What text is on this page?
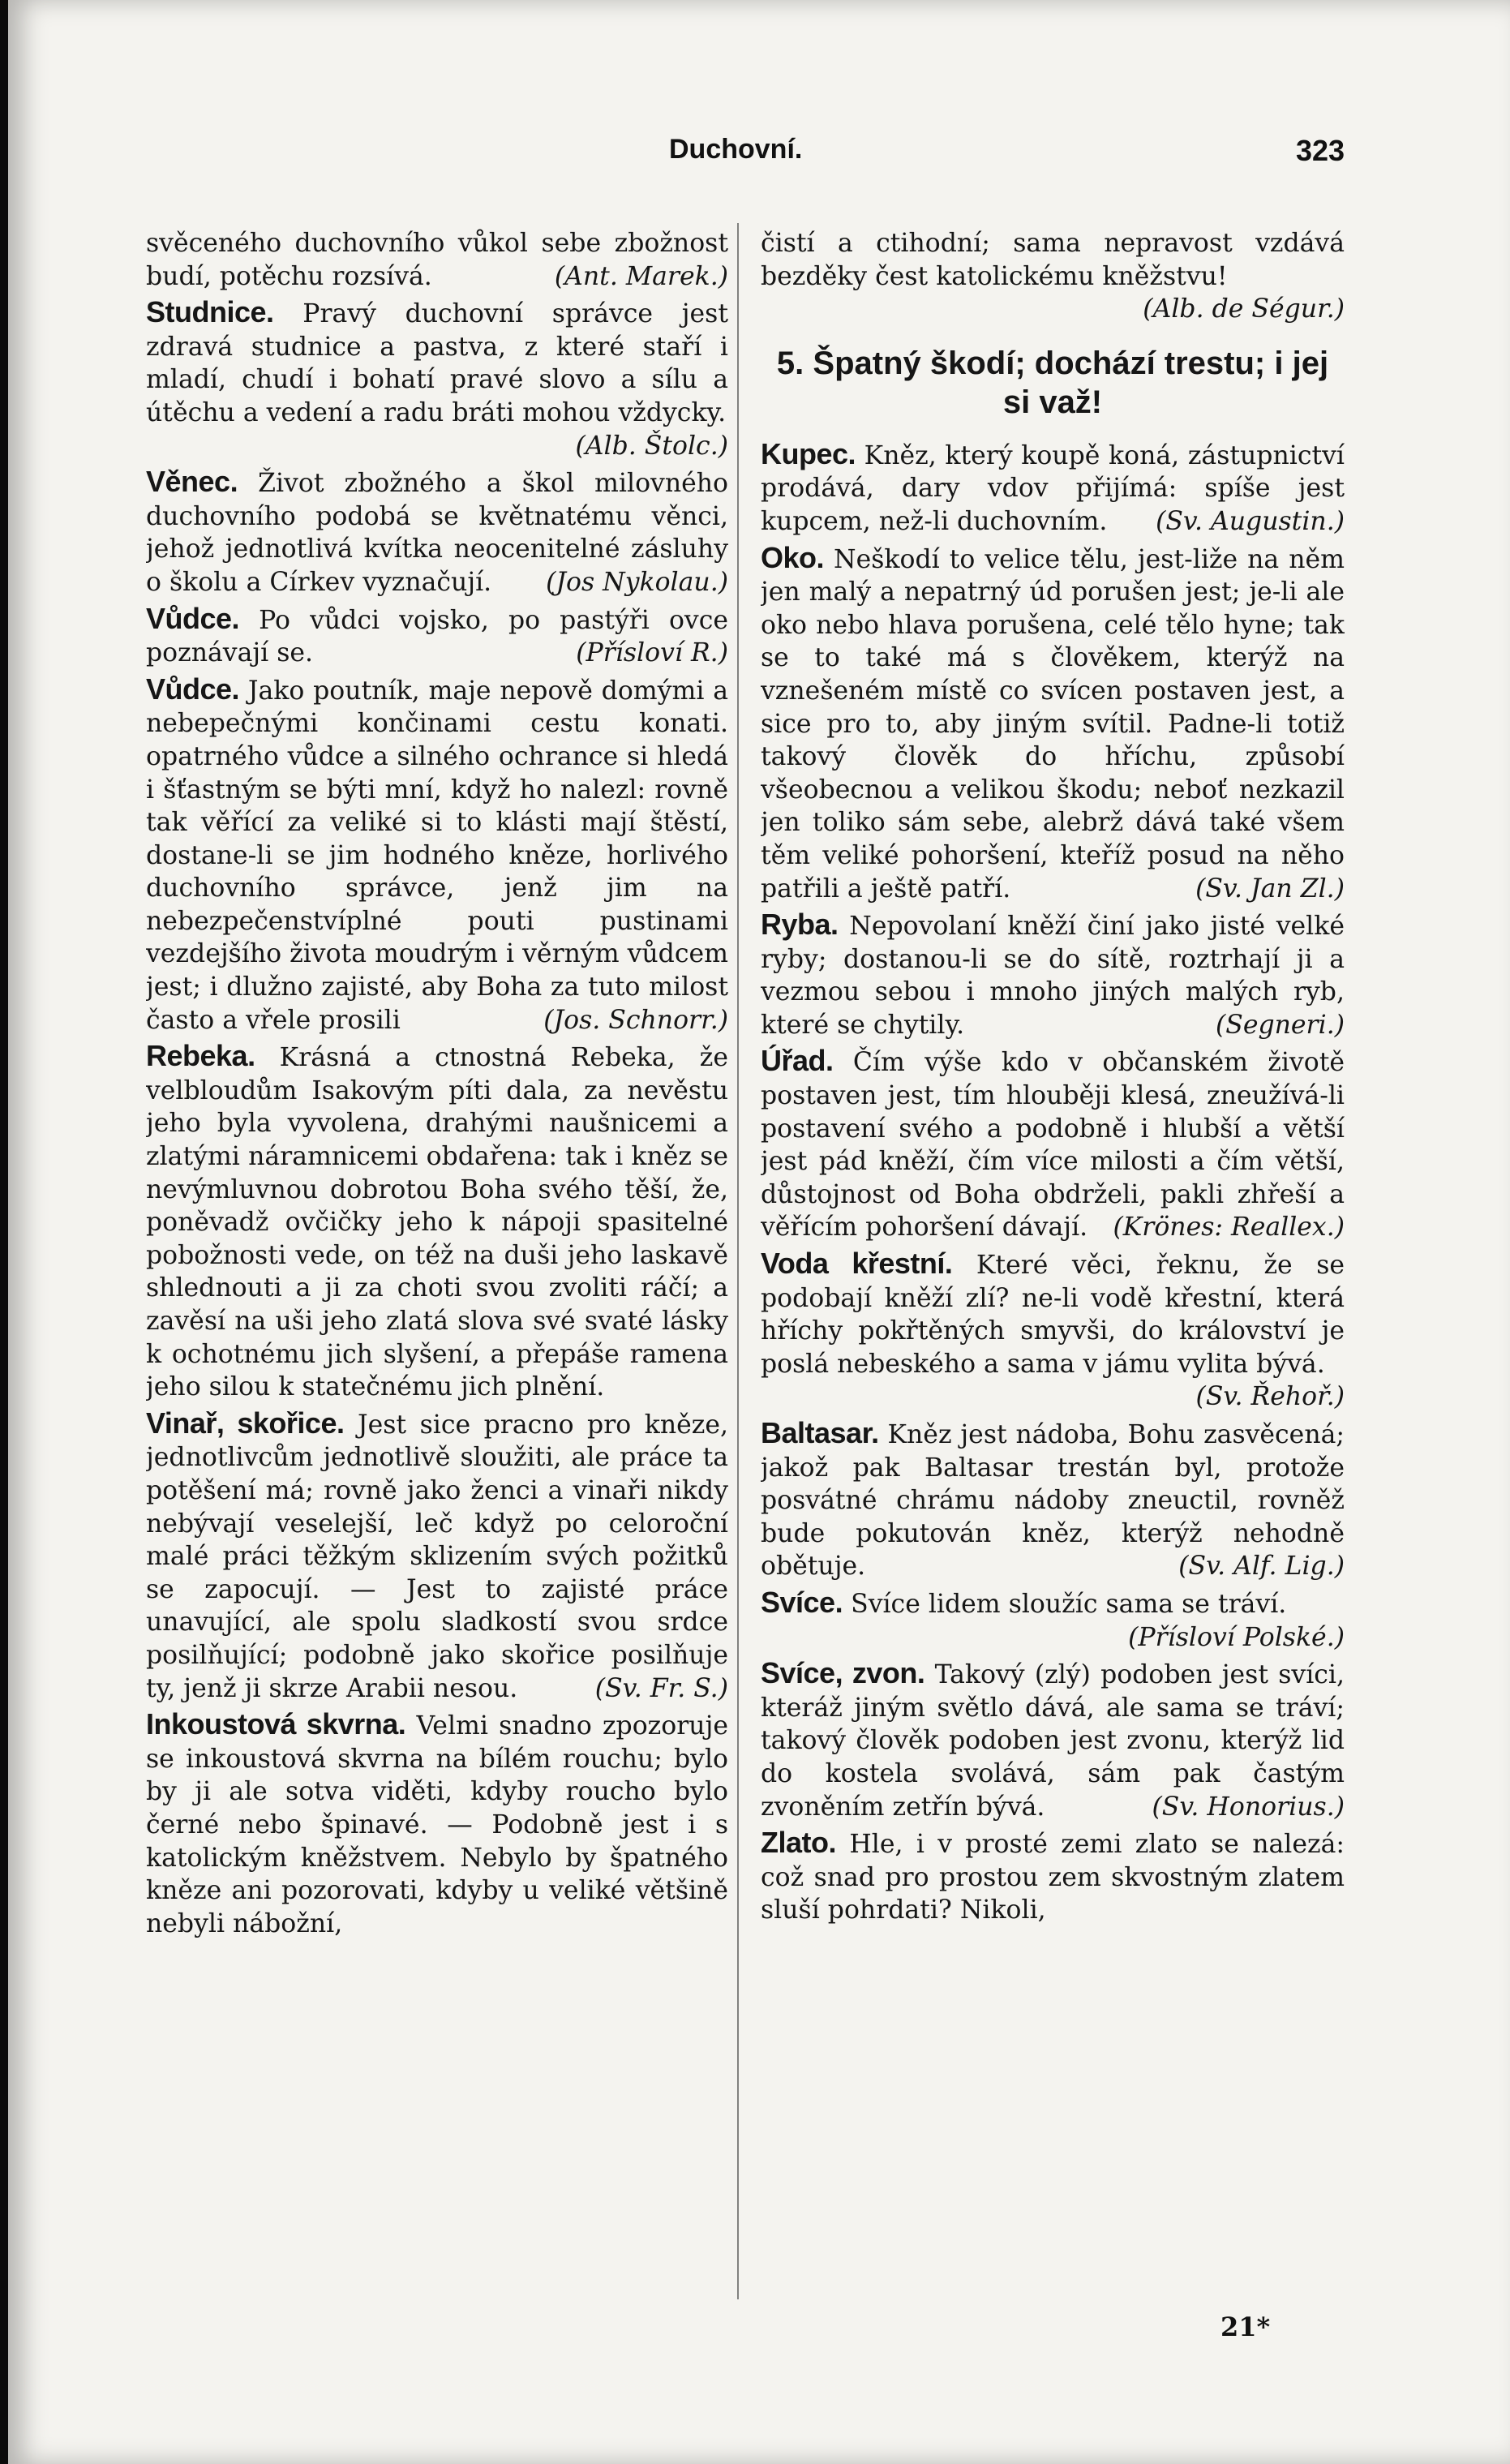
Duchovní.	323
svěceného duchovního vůkol sebe zbožnost budí, potěchu rozsívá.	(Ant. Marek.)
Studnice. Pravý duchovní správce jest zdravá studnice a pastva, z které staří i mladí, chudí i bohatí pravé slovo a sílu a útěchu a vedení a radu bráti mohou vždycky.
(Alb. Štolc.)
Věnec. Život zbožného a škol milovného duchovního podobá se květnatému věnci, jehož jednotlivá kvítka neocenitelné zásluhy o školu a Církev vyznačují.	(Jos Nykolau.)
Vůdce. Po vůdci vojsko, po pastýři ovce poznávají se.	(Přísloví R.)
Vůdce. Jako poutník, maje nepově domými a nebepečnými končinami cestu konati. opatrného vůdce a silného ochrance si hledá i šťastným se býti mní, když ho nalezl: rovně tak věřící za veliké si to klásti mají štěstí, dostane-li se jim hodného kněze, horlivého duchovního správce, jenž jim na nebezpečenstvíplné pouti pustinami vezdejšího života moudrým i věrným vůdcem jest; i dlužno zajisté, aby Boha za tuto milost často a vřele prosili	(Jos. Schnorr.)
Rebeka. Krásná a ctnostná Rebeka, že velbloudům Isakovým píti dala, za nevěstu jeho byla vyvolena, drahými naušnicemi a zlatými náramnicemi obdařena: tak i kněz se nevýmluvnou dobrotou Boha svého těší, že, poněvadž ovčičky jeho k nápoji spasitelné pobožnosti vede, on též na duši jeho laskavě shlednouti a ji za choti svou zvoliti ráčí; a zavěsí na uši jeho zlatá slova své svaté lásky k ochotnému jich slyšení, a přepáše ramena jeho silou k statečnému jich plnění.
Vinař, skořice. Jest sice pracno pro kněze, jednotlivcům jednotlivě sloužiti, ale práce ta potěšení má; rovně jako ženci a vinaři nikdy nebývají veselejší, leč když po celoroční malé práci těžkým sklizením svých požitků se zapocují. — Jest to zajisté práce unavující, ale spolu sladkostí svou srdce posilňující; podobně jako skořice posilňuje ty, jenž ji skrze Arabii nesou.	(Sv. Fr. S.)
Inkoustová skvrna. Velmi snadno zpozoruje se inkoustová skvrna na bílém rouchu; bylo by ji ale sotva viděti, kdyby roucho bylo černé nebo špinavé. — Podobně jest i s katolickým kněžstvem. Nebylo by špatného kněze ani pozorovati, kdyby u veliké většině nebyli nábožní,
čistí a ctihodní; sama nepravost vzdává bezděky čest katolickému kněžstvu!
(Alb. de Ségur.)
5. Špatný škodí; dochází trestu; i jej si važ!
Kupec. Kněz, který koupě koná, zástupnictví prodává, dary vdov přijímá: spíše jest kupcem, než-li duchovním.	(Sv. Augustin.)
Oko. Neškodí to velice tělu, jest-liže na něm jen malý a nepatrný úd porušen jest; je-li ale oko nebo hlava porušena, celé tělo hyne; tak se to také má s člověkem, kterýž na vznešeném místě co svícen postaven jest, a sice pro to, aby jiným svítil. Padne-li totiž takový člověk do hříchu, způsobí všeobecnou a velikou škodu; neboť nezkazil jen toliko sám sebe, alebrž dává také všem těm veliké pohoršení, kteříž posud na něho patřili a ještě patří.	(Sv. Jan Zl.)
Ryba. Nepovolaní kněží činí jako jisté velké ryby; dostanou-li se do sítě, roztrhají ji a vezmou sebou i mnoho jiných malých ryb, které se chytily.	(Segneri.)
Úřad. Čím výše kdo v občanském životě postaven jest, tím hlouběji klesá, zneužívá-li postavení svého a podobně i hlubší a větší jest pád kněží, čím více milosti a čím větší, důstojnost od Boha obdrželi, pakli zhřeší a věřícím pohoršení dávají. (Krönes: Reallex.)
Voda křestní. Které věci, řeknu, že se podobají kněží zlí? ne-li vodě křestní, která hříchy pokřtěných smyvši, do království je poslá nebeského a sama v jámu vylita bývá.
(Sv. Řehoř.)
Baltasar. Kněz jest nádoba, Bohu zasvěcená; jakož pak Baltasar trestán byl, protože posvátné chrámu nádoby zneuctil, rovněž bude pokutován kněz, kterýž nehodně obětuje.	(Sv. Alf. Lig.)
Svíce. Svíce lidem sloužíc sama se tráví.
(Přísloví Polské.)
Svíce, zvon. Takový (zlý) podoben jest svíci, kteráž jiným světlo dává, ale sama se tráví; takový člověk podoben jest zvonu, kterýž lid do kostela svolává, sám pak častým zvoněním zetřín bývá.	(Sv. Honorius.)
Zlato. Hle, i v prosté zemi zlato se nalezá: což snad pro prostou zem skvostným zlatem sluší pohrdati? Nikoli,
21*
